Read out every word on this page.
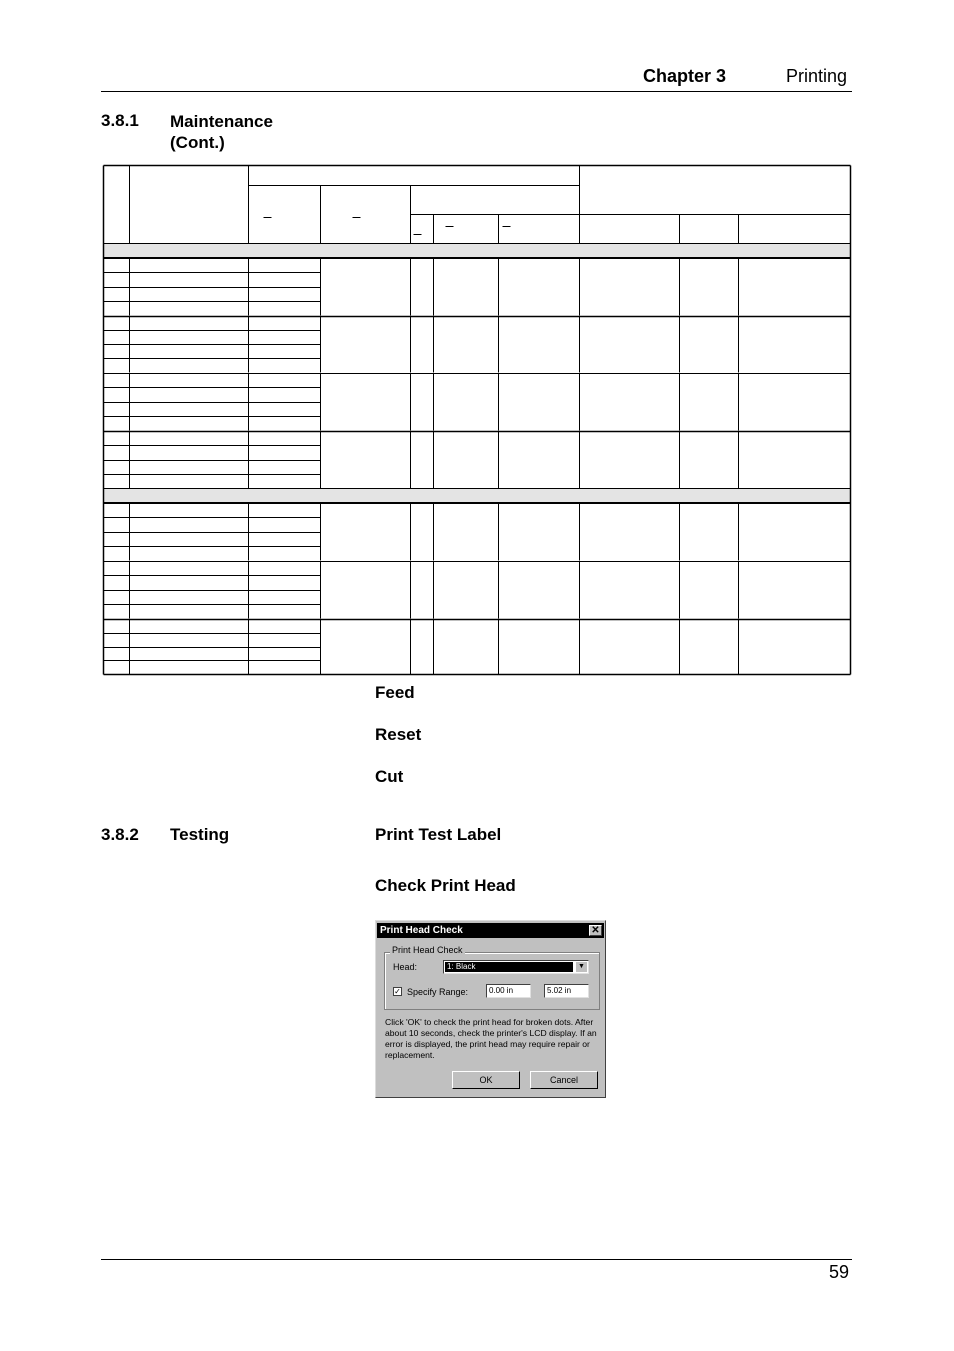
Chapter 3	Printing
3.8.1 Maintenance
(Cont.)
Feed
Reset
Cut
3.8.2 Testing	Print Test Label
Check Print Head
Print Head Check	✕
Print Head Check
Head:	1: Black	▼
✓ Specify Range:	0.00 in	5.02 in
Click 'OK' to check the print head for broken dots. After about 10 seconds, check the printer's LCD display. If an error is displayed, the print head may require repair or replacement.
OK	Cancel
59
